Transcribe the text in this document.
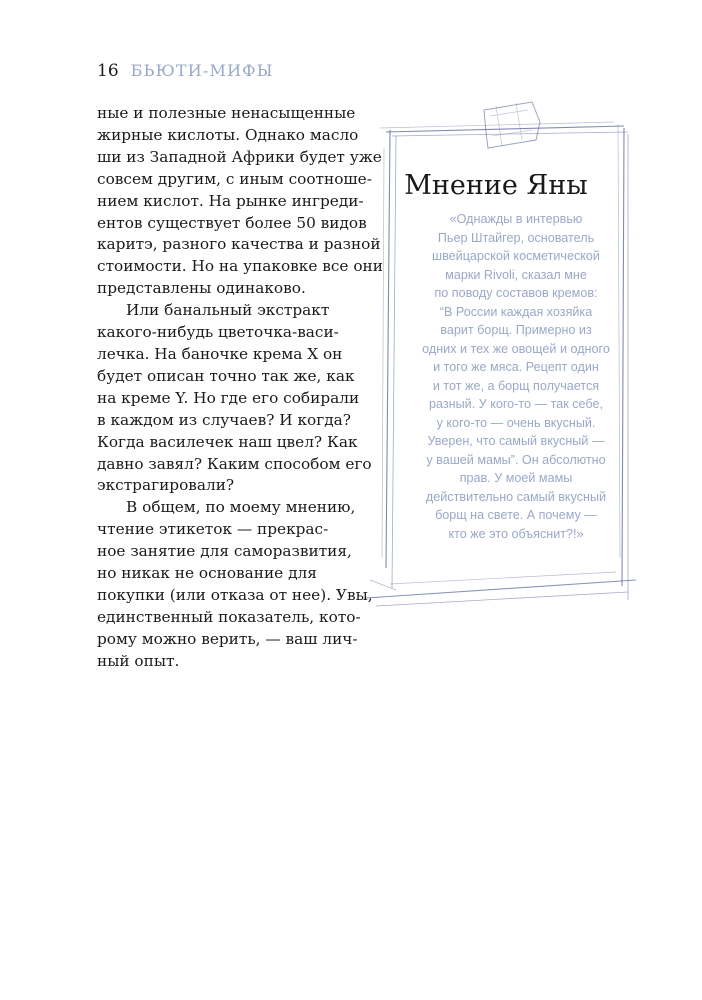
16 БЬЮТИ-МИФЫ
ные и полезные ненасыщенные
жирные кислоты. Однако масло
ши из Западной Африки будет уже
совсем другим, с иным соотноше-
нием кислот. На рынке ингреди-
ентов существует более 50 видов
каритэ, разного качества и разной
стоимости. Но на упаковке все они
представлены одинаково.
Или банальный экстракт
какого-нибудь цветочка-васи-
лечка. На баночке крема X он
будет описан точно так же, как
на креме Y. Но где его собирали
в каждом из случаев? И когда?
Когда василечек наш цвел? Как
давно завял? Каким способом его
экстрагировали?
В общем, по моему мнению,
чтение этикеток — прекрас-
ное занятие для саморазвития,
но никак не основание для
покупки (или отказа от нее). Увы,
единственный показатель, кото-
рому можно верить, — ваш лич-
ный опыт.
Мнение Яны
«Однажды в интервью
Пьер Штайгер, основатель
швейцарской косметической
марки Rivoli, сказал мне
по поводу составов кремов:
“В России каждая хозяйка
варит борщ. Примерно из
одних и тех же овощей и одного
и того же мяса. Рецепт один
и тот же, а борщ получается
разный. У кого-то — так себе,
у кого-то — очень вкусный.
Уверен, что самый вкусный —
у вашей мамы”. Он абсолютно
прав. У моей мамы
действительно самый вкусный
борщ на свете. А почему —
кто же это объяснит?!»
